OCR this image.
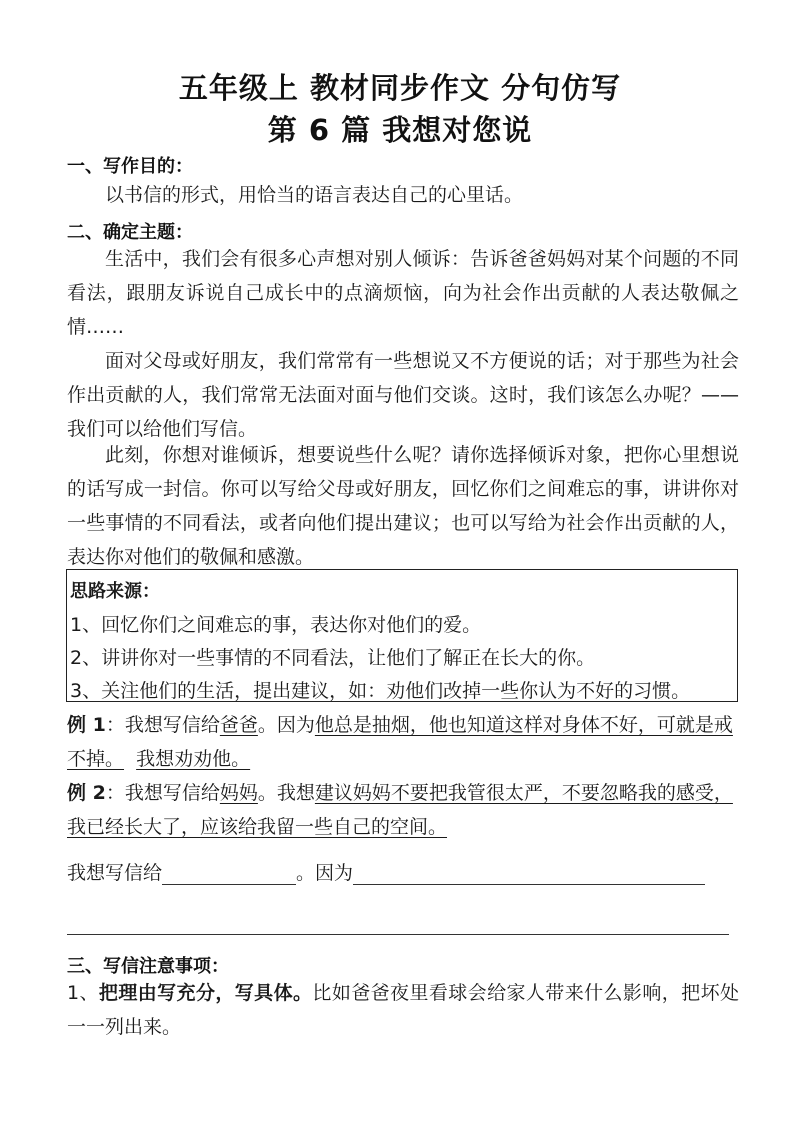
五年级上 教材同步作文 分句仿写
第 6 篇 我想对您说
一、写作目的：
以书信的形式，用恰当的语言表达自己的心里话。
二、确定主题：
生活中，我们会有很多心声想对别人倾诉：告诉爸爸妈妈对某个问题的不同看法，跟朋友诉说自己成长中的点滴烦恼，向为社会作出贡献的人表达敬佩之情……
面对父母或好朋友，我们常常有一些想说又不方便说的话；对于那些为社会作出贡献的人，我们常常无法面对面与他们交谈。这时，我们该怎么办呢？——我们可以给他们写信。
此刻，你想对谁倾诉，想要说些什么呢？请你选择倾诉对象，把你心里想说的话写成一封信。你可以写给父母或好朋友，回忆你们之间难忘的事，讲讲你对一些事情的不同看法，或者向他们提出建议；也可以写给为社会作出贡献的人，表达你对他们的敬佩和感激。
思路来源：
1、回忆你们之间难忘的事，表达你对他们的爱。
2、讲讲你对一些事情的不同看法，让他们了解正在长大的你。
3、关注他们的生活，提出建议，如：劝他们改掉一些你认为不好的习惯。
例 1：我想写信给爸爸。因为他总是抽烟，他也知道这样对身体不好，可就是戒不掉。 我想劝劝他。
例 2：我想写信给妈妈。我想建议妈妈不要把我管很太严，不要忽略我的感受，我已经长大了，应该给我留一些自己的空间。
我想写信给	。因为
三、写信注意事项：
1、把理由写充分，写具体。比如爸爸夜里看球会给家人带来什么影响，把坏处一一列出来。
